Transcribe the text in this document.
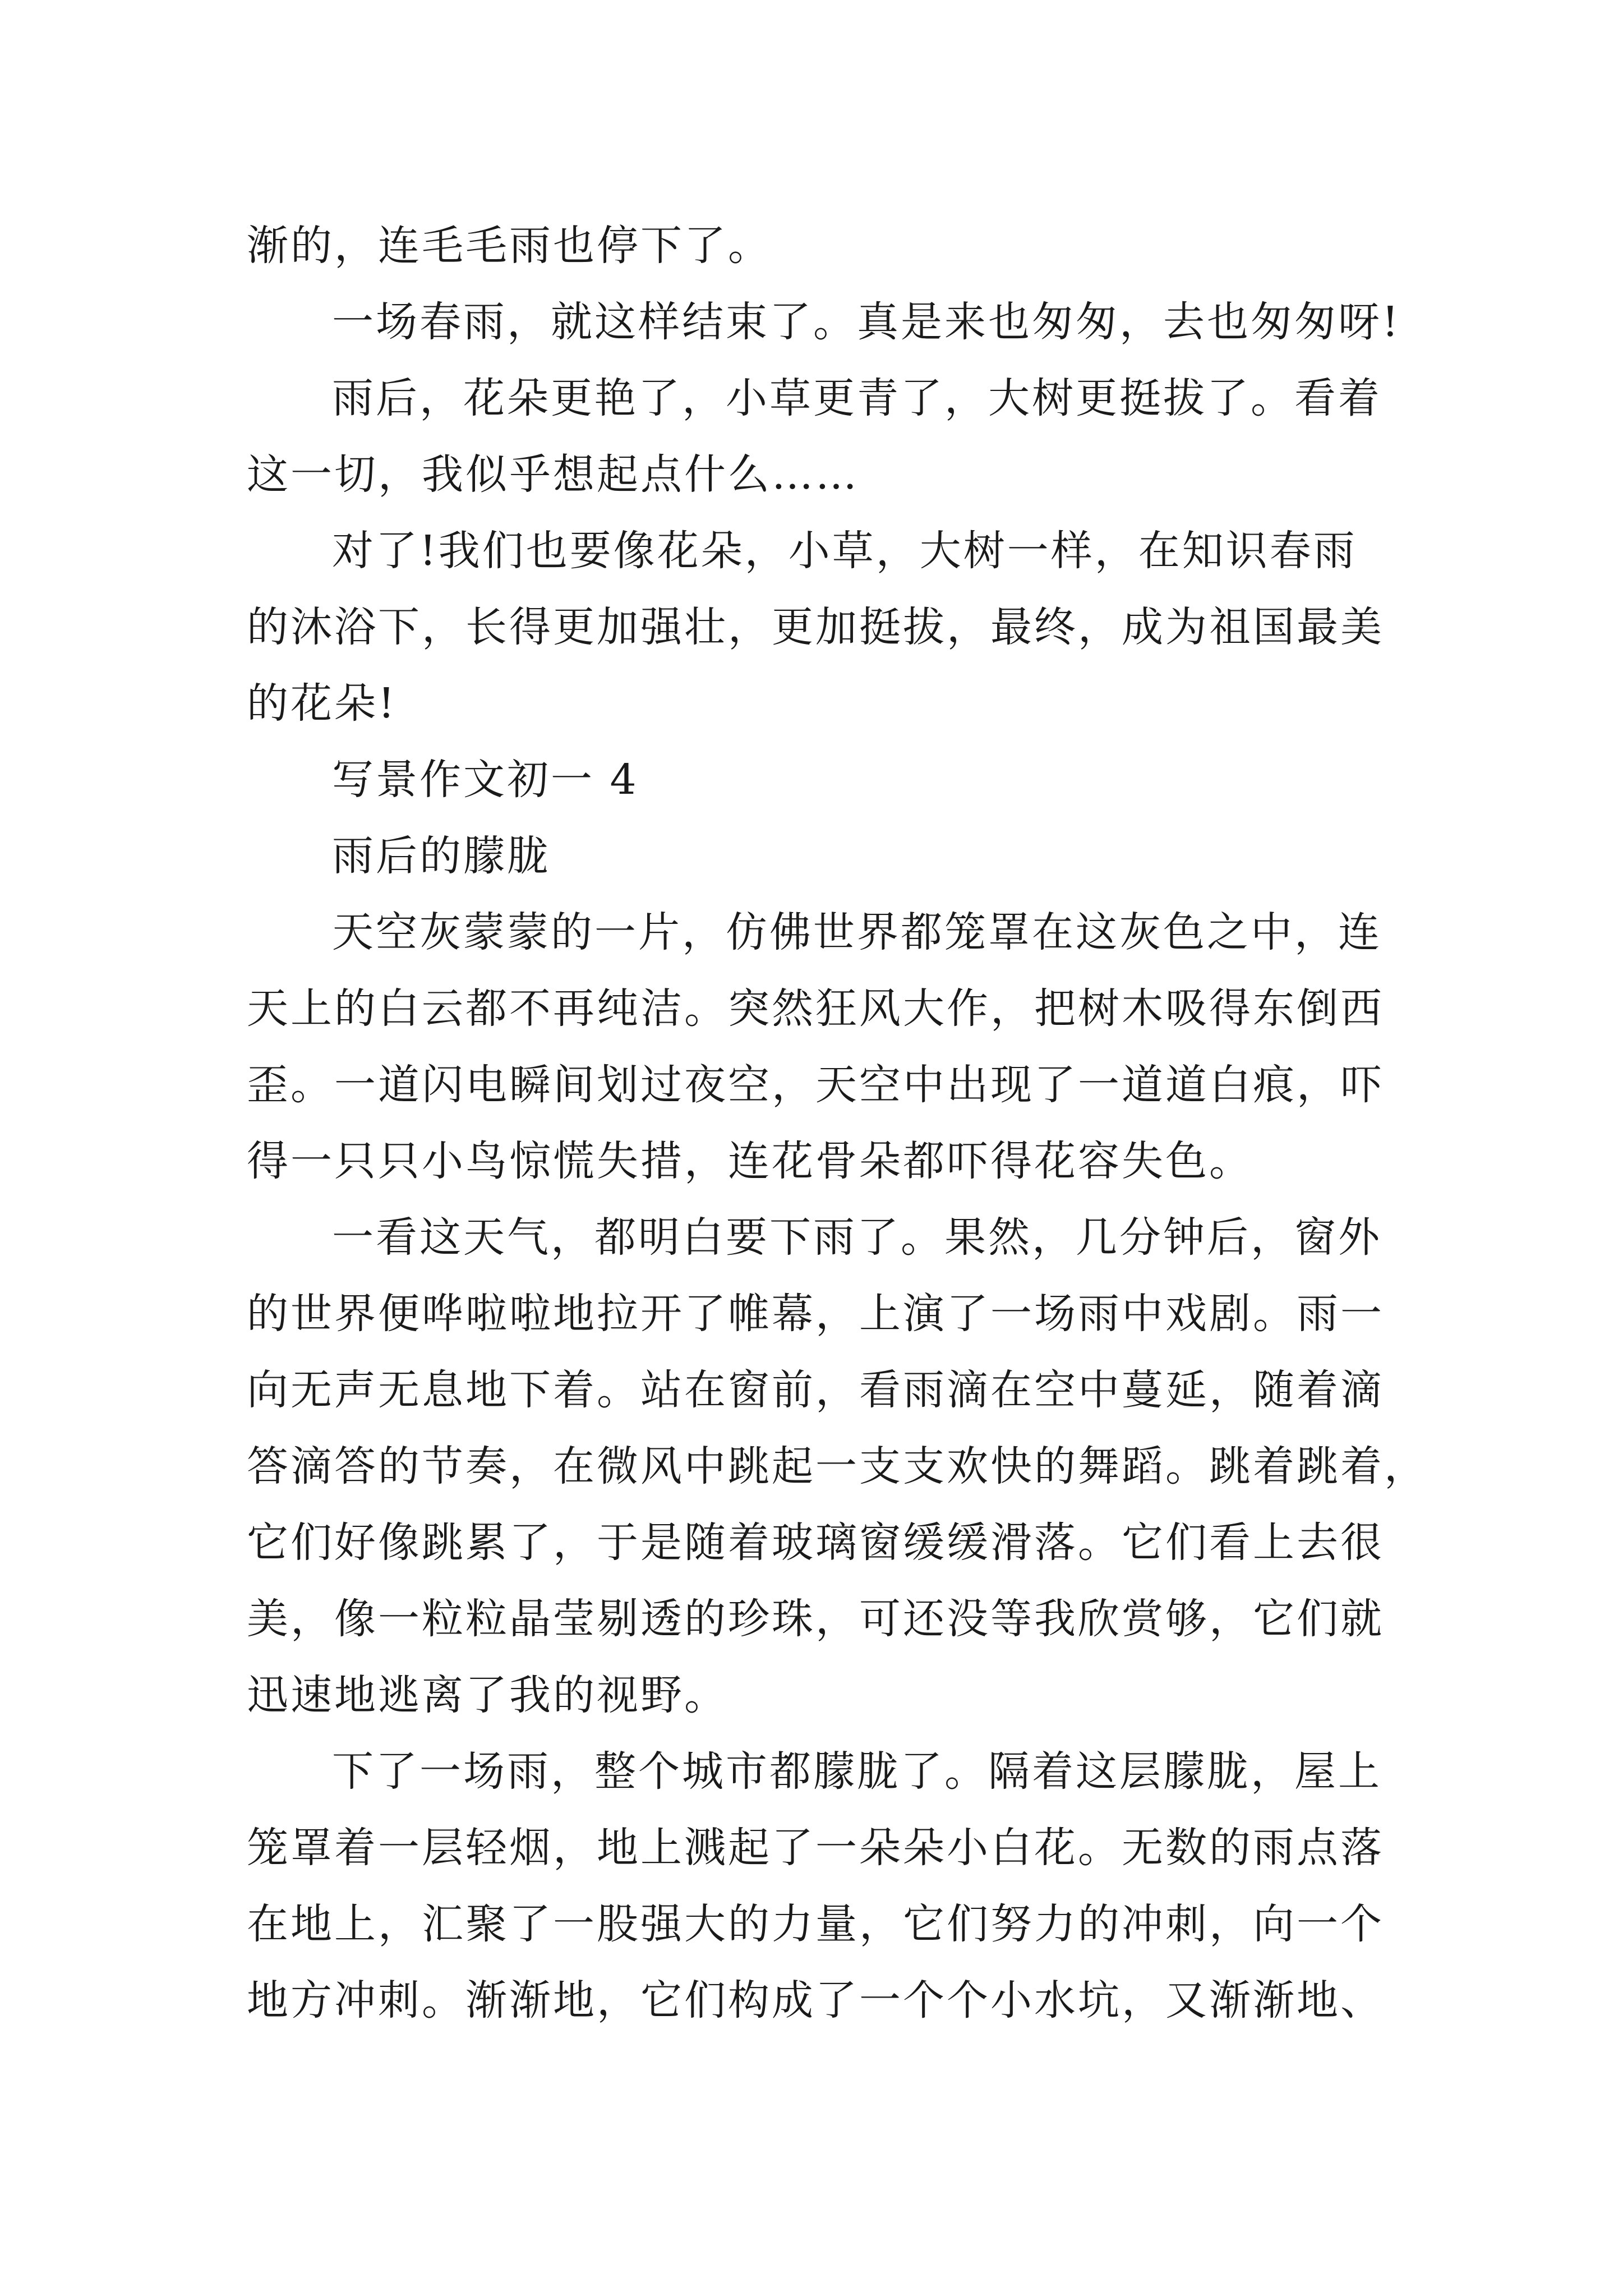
渐的，连毛毛雨也停下了。
一场春雨，就这样结束了。真是来也匆匆，去也匆匆呀!
雨后，花朵更艳了，小草更青了，大树更挺拔了。看着
这一切，我似乎想起点什么……
对了!我们也要像花朵，小草，大树一样，在知识春雨
的沐浴下，长得更加强壮，更加挺拔，最终，成为祖国最美
的花朵!
写景作文初一 4
雨后的朦胧
天空灰蒙蒙的一片，仿佛世界都笼罩在这灰色之中，连
天上的白云都不再纯洁。突然狂风大作，把树木吸得东倒西
歪。一道闪电瞬间划过夜空，天空中出现了一道道白痕，吓
得一只只小鸟惊慌失措，连花骨朵都吓得花容失色。
一看这天气，都明白要下雨了。果然，几分钟后，窗外
的世界便哗啦啦地拉开了帷幕，上演了一场雨中戏剧。雨一
向无声无息地下着。站在窗前，看雨滴在空中蔓延，随着滴
答滴答的节奏，在微风中跳起一支支欢快的舞蹈。跳着跳着，
它们好像跳累了，于是随着玻璃窗缓缓滑落。它们看上去很
美，像一粒粒晶莹剔透的珍珠，可还没等我欣赏够，它们就
迅速地逃离了我的视野。
下了一场雨，整个城市都朦胧了。隔着这层朦胧，屋上
笼罩着一层轻烟，地上溅起了一朵朵小白花。无数的雨点落
在地上，汇聚了一股强大的力量，它们努力的冲刺，向一个
地方冲刺。渐渐地，它们构成了一个个小水坑，又渐渐地、
